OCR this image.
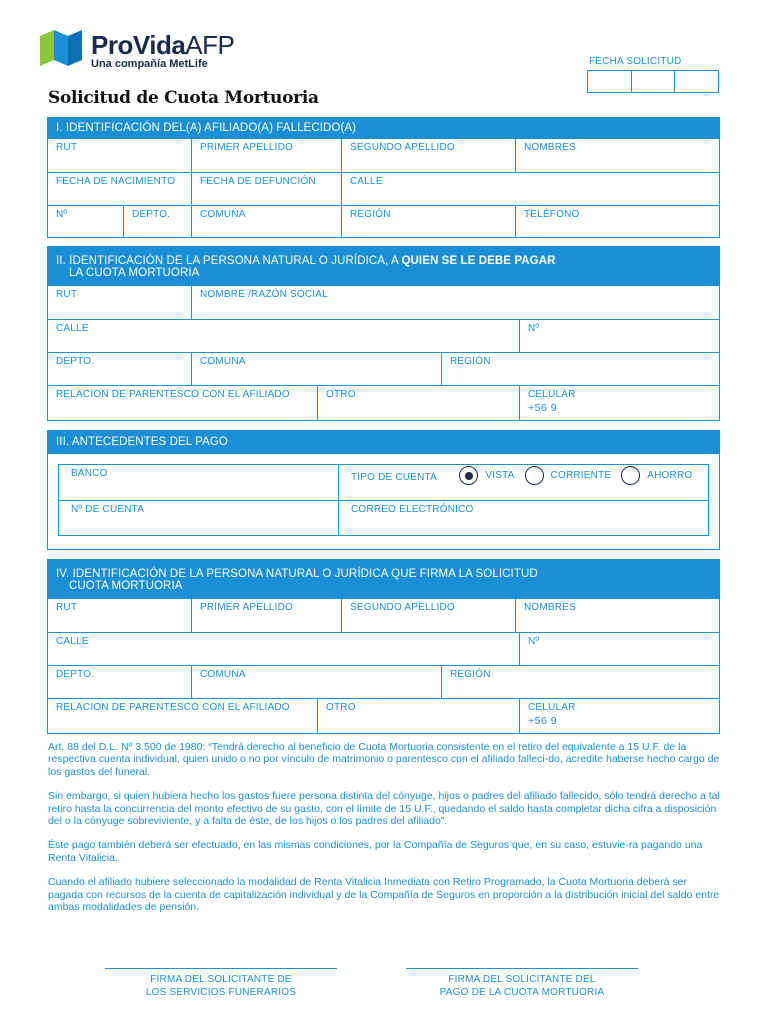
ProVidaAFP
Una compañía MetLife	FECHA SOLICITUD
Solicitud de Cuota Mortuoria
I. IDENTIFICACIÓN DEL(A) AFILIADO(A) FALLECIDO(A)
RUT	PRIMER APELLIDO	SEGUNDO APELLIDO	NOMBRES
FECHA DE NACIMIENTO	FECHA DE DEFUNCIÓN	CALLE
Nº	DEPTO.	COMUNA	REGIÓN	TELÉFONO
II. IDENTIFICACIÓN DE LA PERSONA NATURAL O JURÍDICA, A QUIEN SE LE DEBE PAGAR
LA CUOTA MORTUORIA
RUT	NOMBRE /RAZÓN SOCIAL
CALLE	Nº
DEPTO.	COMUNA	REGIÓN
RELACION DE PARENTESCO CON EL AFILIADO	OTRO	CELULAR
+56 9
III. ANTECEDENTES DEL PAGO
BANCO	TIPO DE CUENTA	VISTA	CORRIENTE	AHORRO
Nº DE CUENTA	CORREO ELECTRÓNICO
IV. IDENTIFICACIÓN DE LA PERSONA NATURAL O JURÍDICA QUE FIRMA LA SOLICITUD
CUOTA MORTUORIA
RUT	PRIMER APELLIDO	SEGUNDO APELLIDO	NOMBRES
CALLE	Nº
DEPTO.	COMUNA	REGIÓN
RELACION DE PARENTESCO CON EL AFILIADO	OTRO	CELULAR
+56 9

Art. 88 del D.L. Nº 3.500 de 1980: “Tendrá derecho al beneficio de Cuota Mortuoria consistente en el retiro del equivalente a 15 U.F. de la respectiva cuenta individual, quien unido o no por vínculo de matrimonio o parentesco con el afiliado falleci-do, acredite haberse hecho cargo de los gastos del funeral.

Sin embargo, si quien hubiera hecho los gastos fuere persona distinta del cónyuge, hijos o padres del afiliado fallecido, sólo tendrá derecho a tal retiro hasta la concurrencia del monto efectivo de su gasto, con el límite de 15 U.F., quedando el saldo hasta completar dicha cifra a disposición del o la cónyuge sobreviviente, y a falta de éste, de los hijos o los padres del afiliado”.

Éste pago también deberá ser efectuado, en las mismas condiciones, por la Compañía de Seguros que, en su caso, estuvie-ra pagando una Renta Vitalicia.

Cuando el afiliado hubiere seleccionado la modalidad de Renta Vitalicia Inmediata con Retiro Programado, la Cuota Mortuoria deberá ser pagada con recursos de la cuenta de capitalización individual y de la Compañía de Seguros en proporción a la distribución inicial del saldo entre ambas modalidades de pensión.

FIRMA DEL SOLICITANTE DE
LOS SERVICIOS FUNERARIOS
FIRMA DEL SOLICITANTE DEL
PAGO DE LA CUOTA MORTUORIA
